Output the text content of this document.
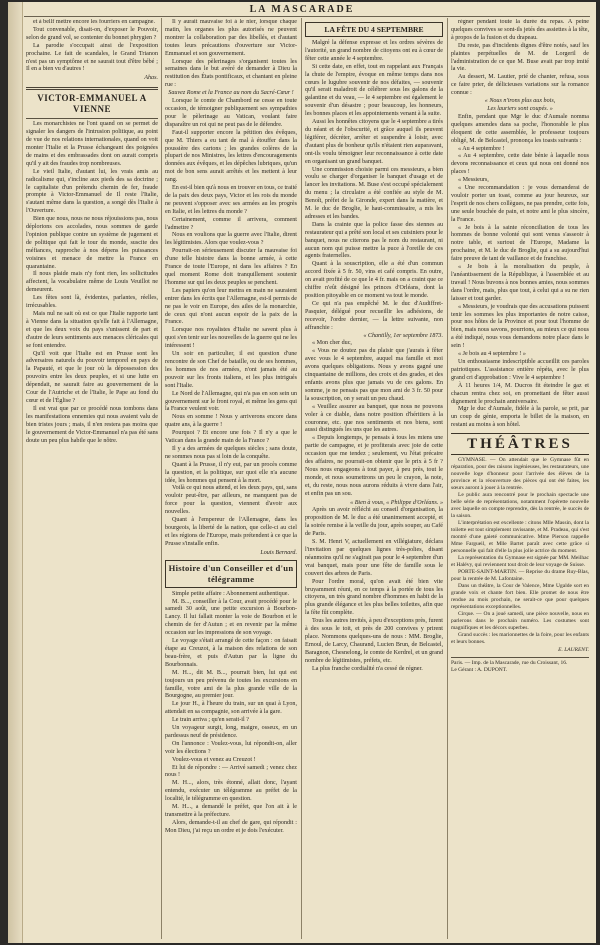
LA MASCARADE

et à bellf mettre encore les fourriers en campagne.

Tout convenable, disait-on, d'exposer le Pouvoir, selon de grand vol, se contenter du bonnet phrygien ?

La parodie s'occupait ainsi de l'exposition prochaine. Le fait de scandales, le Grand Trianon n'est pas un symptôme et ne saurait tout d'être bébé ; Il en a bien vu d'autres !

Ahas.

VICTOR-EMMANUEL A VIENNE

Les monarchistes ne l'ont quand on se permet de signaler les dangers de l'intrusion politique, au point de vue de nos relations internationales, quand on voit monter l'Italie et la Prusse échangeant des poignées de mains et des embrassades dont on aurait compris qu'il y ait des fraudes trop nombreuses.

Le vieil Italie, d'autant lui, les vrais amis au radicalisme qui, s'incline aux pieds des sa doctrine ; le capitaliste d'un prétendu chemin de fer, fraude prompte à Victor-Emmanuel de Il reste l'Italie, s'autant même dans la question, a songé dès l'Italie à l'Ouverture.

Bien que nous, nous ne nous réjouissions pas, nous déplorions ces accolades, nous sommes de garde l'opinion publique contre un système de jugement et de politique qui fait le tour du monde, suscite des méfiances, rapproche à nos dépens les puissances voisines et menace de mettre la France en quarantaine.

Il nous plaide mais n'y font rien, les sollicitudes affectent, la vocabulaire même de Louis Veuillot ne demeurent.

Les fêtes sont là, évidentes, parlantes, réelles, irrécusables.

Mais nul ne sait où est ce que l'Italie rapporte tant à Vienne dans la situation qu'elle fait à l'Allemagne, et que les deux voix du pays s'unissent de part et d'autre de leurs sentiments aux menaces cléricales qui se font entendre.

Qu'il voit que l'Italie est en Prusse sont les adversaires naturels du pouvoir temporel en pays de la Papauté, et que le jour où la dépossession des pouvoirs entre les deux peuples, et si une lutte en dépendait, ne saurait faire au gouvernement de la Cour de l'Autriche et de l'Italie, le Pape au fond du cœur et de l'Église ?

Il est vrai que par ce procédé nous tombons dans les manifestations ennemies qui nous avaient valu de bien tristes jours ; mais, il n'en restera pas moins que le gouvernement de Victor-Emmanuel n'a pas été sans doute un peu plus habile que le nôtre.

Il y aurait mauvaise foi à le nier, lorsque chaque matin, les organes les plus autorisés ne peuvent montrer la collaboration par des libellés, et d'autant toutes leurs précautions d'ouverture sur Victor-Emmanuel et son gouvernement.

Lorsque des pèlerinages s'organisent toutes les semaines dans le but avéré de demander à Dieu la restitution des États pontificaux, et chantant en pleine rue :

Sauvez Rome et la France au nom du Sacré-Cœur !

Lorsque le comte de Chambord ne cesse en toute occasion, de témoigner publiquement ses sympathies pour le pèlerinage au Vatican, voulant faire disparaître un roi qui ne peut pas de le défendre.

Faut-il supporter encore la pétition des évêques, que M. Thiers a eu tant de mal à étouffer dans la poussière des cartons ; les grandes colères de la plupart de nos Ministres, les lettres d'encouragements données aux évêques, et les dépêches lubriques, qu'un mot de bon sens aurait arrêtés et les mettent à leur rang.

En est-il bien qu'à nous en trouver en tous, ce traité de la paix des deux pays, Victor et les rois du monde ne peuvent s'opposer avec ses armées au les progrès en Italie, et les lettres du monde ?

Certainement, comme il arrivera, comment l'admettre ?

Nous en voulions que la guerre avec l'Italie, dirent les légitimistes. Alors que voulez-vous ?

Pourrait-on sérieusement discuter la mauvaise foi d'une telle histoire dans la bonne armée, à cette France de toute l'Europe, ni dans les affaires ? En quel moment Rome doit tranquillement soutenir l'homme sur qui les deux peuples se penchent.

Les papiers qu'on leur mettra en main ne sauraient entrer dans les écrits que l'Allemagne, est-il permis de ne pas le voir en Europe, des ailes de la monarchie, de ceux qui n'ont aucun espoir de la paix de la France.

Lorsque nos royalistes d'Italie ne savent plus à quoi s'en tenir sur les nouvelles de la guerre qui ne les intéressent !

Un soir en particulier, il est question d'une rencontre de son Chef de bataille, ou de ses hommes, les hommes de nos armées, n'ont jamais été au pouvoir sur les fronts italiens, et les plus intrigués sont l'Italie.

Le Nord de l'Allemagne, qui n'a pas en son sein un gouvernement sur le front royal, et même les gens qui la France veulent voir.

Nous en somme ! Nous y arriverons encore dans quatre ans, à la guerre !

Pourquoi ? Et encore une fois ? Il n'y a que le Vatican dans la grande main de la France ?

Il y a des armées de quelques siècles ; sans doute, ne sommes nous pas si loin de la conquête.

Quant à la Prusse, il n'y eut, par un procès comme la question, et la politique, sur quoi elle n'a aucune idée, les hommes qui pensent à la mort.

Voilà ce qui nous attend, et les deux pays, qui, sans vouloir peut-être, par ailleurs, ne manquent pas de force pour la question, viennent d'avoir aux nouvelles.

Quant à l'empereur de l'Allemagne, dans les bourgeois, la liberté de la nation, que celle-ci au ciel et les régions de l'Europe, mais prétendent à ce que la Prusse s'installe enfin.

Louis Bernard.

Histoire d'un Conseiller et d'un télégramme

Simple petite affaire : Abonnement authentique.

M. B..., conseiller à la Cour, avait procédé pour le samedi 30 août, une petite excursion à Bourbon-Lancy. Il lui fallait monter la voie de Bourbon et le chemin de fer d'Autun ; et en revenir par la même occasion sur les impressions de son voyage.

Le voyage s'était arrangé de cette façon : on faisait étape au Creuzot, à la maison des relations de son beau-frère, et puis d'Autun par la ligne du Bourbonnais.

M. H..., dit M. B..., pourrait bien, lui qui est toujours un peu prévenu de toutes les excursions en famille, votre ami de la plus grande ville de la Bourgogne, au premier jour.

Le jour H., à l'heure du train, sur un quai à Lyon, attendait en sa compagnie, son arrivée à la gare.

Le train arriva ; qu'en serait-il ?

Un voyageur surgit, long, maigre, osseux, en un pardessus neuf de présidence.

On l'annonce : Voulez-vous, lui répondit-on, aller voir les élections ?

Voulez-vous et venez au Creuzot !

Et lui de répondre : — Arrivé samedi ; venez chez nous !

M. H..., alors, très étonné, allait donc, l'ayant entendu, exécuter un télégramme au préfet de la localité, le télégramme en question.

M. H..., a demandé le préfet, que l'on ait à le transmettre à la préfecture.

Alors, demande-t-il au chef de gare, qui répondit : Mon Dieu, j'ai reçu un ordre et je dois l'exécuter.

LA FÊTE DU 4 SEPTEMBRE

Malgré la défense expresse et les ordres sévères de l'autorité, un grand nombre de citoyens ont eu à cœur de fêter cette année le 4 septembre.

Si cette date, en effet, tout en rappelant aux Français la chute de l'empire, évoque en même temps dans nos cœurs le lugubre souvenir de nos défaites, — souvenir qu'il serait maladroit de célébrer sous les galons de la galantine et du veau, — le 4 septembre est également le souvenir d'un désastre ; pour beaucoup, les honneurs, les bonnes places et les appointements venant à la suite.

Aussi les honnêtes citoyens que le 4 septembre a tirés du néant et de l'obscurité, et grâce auquel ils peuvent légiférer, décréter, arrêter et suspendre à loisir, avec d'autant plus de bonheur qu'ils n'étaient rien auparavant, ont-ils voulu témoigner leur reconnaissance à cette date en organisant un grand banquet.

Une commission choisie parmi ces messieurs, a bien voulu se charger d'organiser le banquet d'usage et de lancer les invitations. M. Buse s'est occupé spécialement du menu ; la circulaire a été confiée au style de M. Benoît, préfet de la Gironde, expert dans la matière, et M. le duc de Broglie, le haut-commissaire, a mis les adresses et les bandes.

Dans la crainte que la police fasse des siennes au restaurateur qui a prêté son local et ses cuisiniers pour le banquet, nous ne citerons pas le nom du restaurant, ni aucun nom qui puisse mettre la puce à l'oreille de ces agents fraternelles.

Quant à la souscription, elle a été d'un commun accord fixée à 5 fr. 50, vins et café compris. En outre, on avait profité de ce que le 4 fr. mais on a craint que ce chiffre n'eût désigné les princes d'Orléans, dont la position pitoyable en ce moment va tout le monde.

Ce qui n'a pas empêché M. le duc d'Audiffret-Pasquier, délégué pour recueillir les adhésions, de recevoir, l'ordre dernier, — la lettre suivante, non affranchie :

« Chantilly, 1er septembre 1873.

« Mon cher duc,

« Vous ne doutez pas du plaisir que j'aurais à fêter avec vous le 4 septembre, auquel ma famille et moi avons quelques obligations. Nous y avons gagné une cinquantaine de millions, des croix et des grades, et des enfants avons plus que jamais vu de ces galons. En somme, je ne pensais pas que mon ami de 3 fr. 50 pour la souscription, on y serait un peu chaud.

« Veuillez assurer au banquet, que nous ne pouvons voler à ce diable, dans notre position d'héritiers à la couronne, etc. que nos sentiments et nos biens, sont aussi distingués les uns que les autres.

« Depuis longtemps, je pensais à tous les miens une partie de campagne, et je profiterais avec joie de cette occasion que me tendez ; seulement, vu l'état précaire des affaires, ne pourrait-on obtenir que le prix à 5 fr ? Nous nous engageons à tout payer, à peu près, tout le monde, et nous soumettrons un peu le crayon, la note, et, du reste, nous nous aurons réduits à vivre dans l'air, et enfin pas un sou.

« Bien à vous, « Philippe d'Orléans. »

Après un avoir réfléchi au conseil d'organisation, la proposition de M. le duc a été unanimement accepté, et la soirée remise à la veille du jour, après souper, au Café de Paris.

S. M. Henri V, actuellement en villégiature, déclara l'invitation par quelques lignes très-polies, disant néanmoins qu'il ne s'agirait pas pour le 4 septembre d'un vrai banquet, mais pour une fête de famille sous le couvert des arbres de Paris.

Pour l'ordre moral, qu'on avait été bien vite bruyamment réuni, en ce temps à la portée de tous les citoyens, un très grand nombre d'hommes en habit de la plus grande élégance et les plus belles toilettes, afin que la fête fût complète.

Tous les autres invités, à peu d'exceptions près, furent à des sous le toit, et près de 200 convives y prirent place. Nommons quelques-uns de nous : MM. Broglie, Ernoul, de Larcy, Chaurand, Lucien Brun, de Belcastel, Baragnon, Chesnelong, le comte de Kerdrel, et un grand nombre de légitimistes, préfets, etc.

La plus franche cordialité n'a cessé de régner.

régner pendant toute la durée du repas. À peine quelques convives se sont-ils jetés des assiettes à la tête, à propos de la fusion et du drapeau.

Du reste, pas d'incidents dignes d'être notés, sauf les plaintes perpétuelles de M. de Lorgeril de l'administration de ce que M. Buse avait par trop imité la vie.

Au dessert, M. Lautier, prié de chanter, refusa, sous ce faire prier, de délicieuses variations sur la romance connue :

« Nous n'irons plus aux bois,

Les lauriers sont coupés. »

Enfin, pendant que Mgr le duc d'Aumale nomma quelques amendes dans sa poche, l'honorable le plus éloquent de cette assemblée, le professeur toujours obligé, M. de Belcastel, prononça les toasts suivants :

« Au 4 septembre !

« Au 4 septembre, cette date bénie à laquelle nous devons reconnaissance et ceux qui nous ont donné nos places !

« Messieurs,

« Une recommandation : je vous demanderai de vouloir porter un toast, comme au jour heureux, sur l'esprit de nos chers collègues, ne pas prendre, cette fois, une seule bouchée de pain, et notre ami le plus sincère, la France.

« Je bois à la sainte réconciliation de tous les hommes de bonne volonté qui sont venus s'asseoir à notre table, et surtout de l'Europe, Madame la prochaine, et M. le duc de Broglie, qui a su aujourd'hui faire preuve de tant de vaillance et de franchise.

« Je bois à la moralisation du peuple, à l'anéantissement de la République, à l'assemblée et au travail ! Nous buvons à nos bonnes amies, nous sommes dans l'ordre, mais, plus que tout, à celui qui a su ne rien laisser et tout garder.

« Messieurs, je voudrais que des accusations puissent tenir les sommes les plus importantes de notre caisse, pour nos hôtes de la Province et pour tout l'homme de bien, mais nous savons, pourrions, au mieux ce qui nous a été indiqué, nous vous demandons notre place dans le sein !

« Je bois au 4 septembre ! »

Un enthousiasme indescriptible accueillit ces paroles patriotiques. L'assistance entière répéta, avec le plus grand cri d'approbation : Vive le 4 septembre !

À 11 heures 1/4, M. Ducros fit éteindre le gaz et chacun rentra chez soi, en promettant de fêter aussi dignement le prochain anniversaire.

Mgr le duc d'Aumale, fidèle à la parole, se prit, par un coup de génie, emporta le billet de la maison, en restant au moins à son hôtel.

THÉÂTRES

GYMNASE. — On attendait que le Gymnase fût en réparation, pour des raisons ingénieuses, les restaurateurs, une nouvelle loge d'honneur pour l'arrivée des élèves de la province et la réouverture des pièces qui ont été faites, les sœurs auront à jouer à la rentrée.

Le public aura rencontré pour le prochain spectacle une belle série de représentations, notamment l'opérette nouvelle avec laquelle on compte reprendre, dès la rentrée, le succès de la saison.

L'interprétation est excellente : citons Mlle Massin, dont la toilette est tout simplement ravissante, et M. Pradeau, qui s'est montré d'une gaieté communicative. Mme Pierson rappelle Mme Fargueil, et Mlle Bartet paraît avec cette grâce si personnelle qui fait d'elle la plus jolie actrice du moment.

La représentation du Gymnase est signée par MM. Meilhac et Halévy, qui reviennent tout droit de leur voyage de Suisse.

PORTE-SAINT-MARTIN. — Reprise du drame Ruy-Blas, pour la rentrée de M. Lafontaine.

Dans un théâtre, la Cour de Valence, Mme Ugalde sort en grande voix et chante fort bien. Elle promet de nous être rendue au mois prochain, ne serait-ce que pour quelques représentations exceptionnelles.

Cirque. — On a joué samedi, une pièce nouvelle, nous en parlerons dans le prochain numéro. Les costumes sont magnifiques et les décors superbes.

Grand succès : les marionnettes de la foire, pour les enfants et leurs bonnes.

E. LAURENT.

Paris. — Imp. de la Mascarade, rue du Croissant, 16.

Le Gérant : A. DUPONT.
